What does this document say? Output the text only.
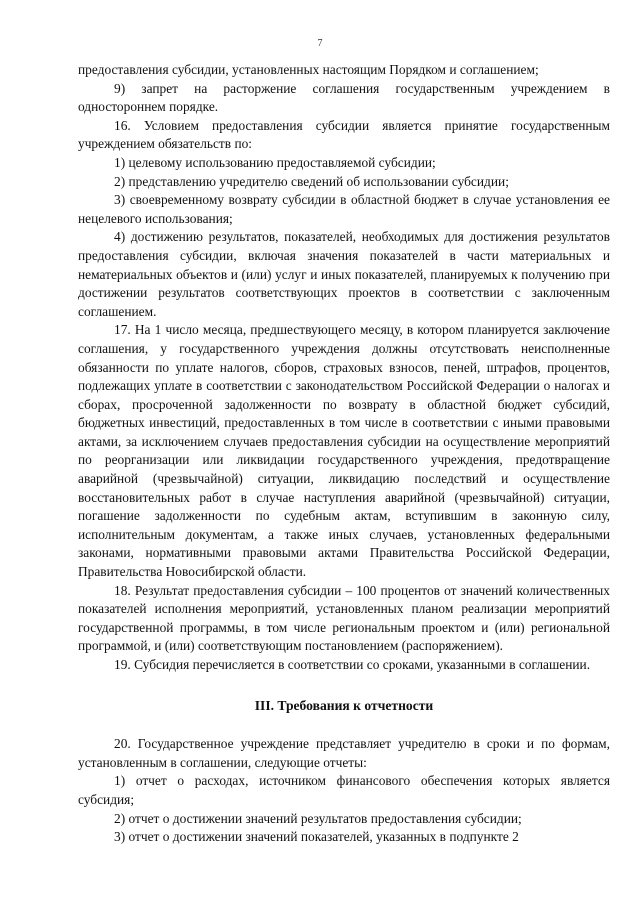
7

предоставления субсидии, установленных настоящим Порядком и соглашением;

9) запрет на расторжение соглашения государственным учреждением в одностороннем порядке.

16. Условием предоставления субсидии является принятие государственным учреждением обязательств по:

1) целевому использованию предоставляемой субсидии;

2) представлению учредителю сведений об использовании субсидии;

3) своевременному возврату субсидии в областной бюджет в случае установления ее нецелевого использования;

4) достижению результатов, показателей, необходимых для достижения результатов предоставления субсидии, включая значения показателей в части материальных и нематериальных объектов и (или) услуг и иных показателей, планируемых к получению при достижении результатов соответствующих проектов в соответствии с заключенным соглашением.

17. На 1 число месяца, предшествующего месяцу, в котором планируется заключение соглашения, у государственного учреждения должны отсутствовать неисполненные обязанности по уплате налогов, сборов, страховых взносов, пеней, штрафов, процентов, подлежащих уплате в соответствии с законодательством Российской Федерации о налогах и сборах, просроченной задолженности по возврату в областной бюджет субсидий, бюджетных инвестиций, предоставленных в том числе в соответствии с иными правовыми актами, за исключением случаев предоставления субсидии на осуществление мероприятий по реорганизации или ликвидации государственного учреждения, предотвращение аварийной (чрезвычайной) ситуации, ликвидацию последствий и осуществление восстановительных работ в случае наступления аварийной (чрезвычайной) ситуации, погашение задолженности по судебным актам, вступившим в законную силу, исполнительным документам, а также иных случаев, установленных федеральными законами, нормативными правовыми актами Правительства Российской Федерации, Правительства Новосибирской области.

18. Результат предоставления субсидии – 100 процентов от значений количественных показателей исполнения мероприятий, установленных планом реализации мероприятий государственной программы, в том числе региональным проектом и (или) региональной программой, и (или) соответствующим постановлением (распоряжением).

19. Субсидия перечисляется в соответствии со сроками, указанными в соглашении.

III. Требования к отчетности

20. Государственное учреждение представляет учредителю в сроки и по формам, установленным в соглашении, следующие отчеты:

1) отчет о расходах, источником финансового обеспечения которых является субсидия;

2) отчет о достижении значений результатов предоставления субсидии;

3) отчет о достижении значений показателей, указанных в подпункте 2
